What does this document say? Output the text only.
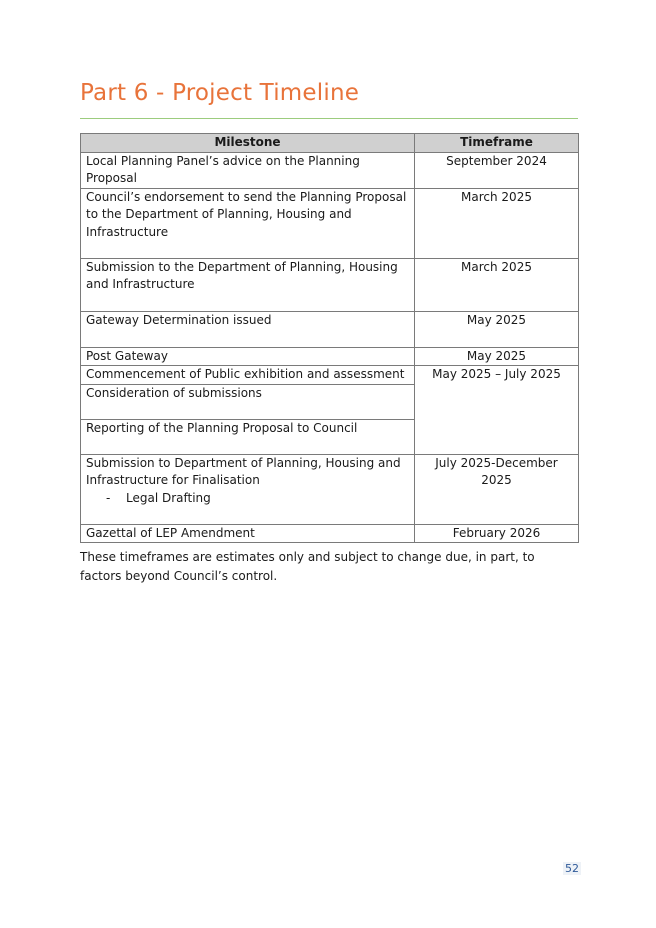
Part 6 - Project Timeline
Milestone	Timeframe
Local Planning Panel’s advice on the Planning Proposal	September 2024
Council’s endorsement to send the Planning Proposal to the Department of Planning, Housing and Infrastructure	March 2025
Submission to the Department of Planning, Housing and Infrastructure	March 2025
Gateway Determination issued	May 2025
Post Gateway	May 2025
Commencement of Public exhibition and assessment	May 2025 – July 2025
Consideration of submissions	
Reporting of the Planning Proposal to Council	
Submission to Department of Planning, Housing and Infrastructure for Finalisation
- Legal Drafting	July 2025-December 2025
Gazettal of LEP Amendment	February 2026

These timeframes are estimates only and subject to change due, in part, to factors beyond Council’s control.

52
